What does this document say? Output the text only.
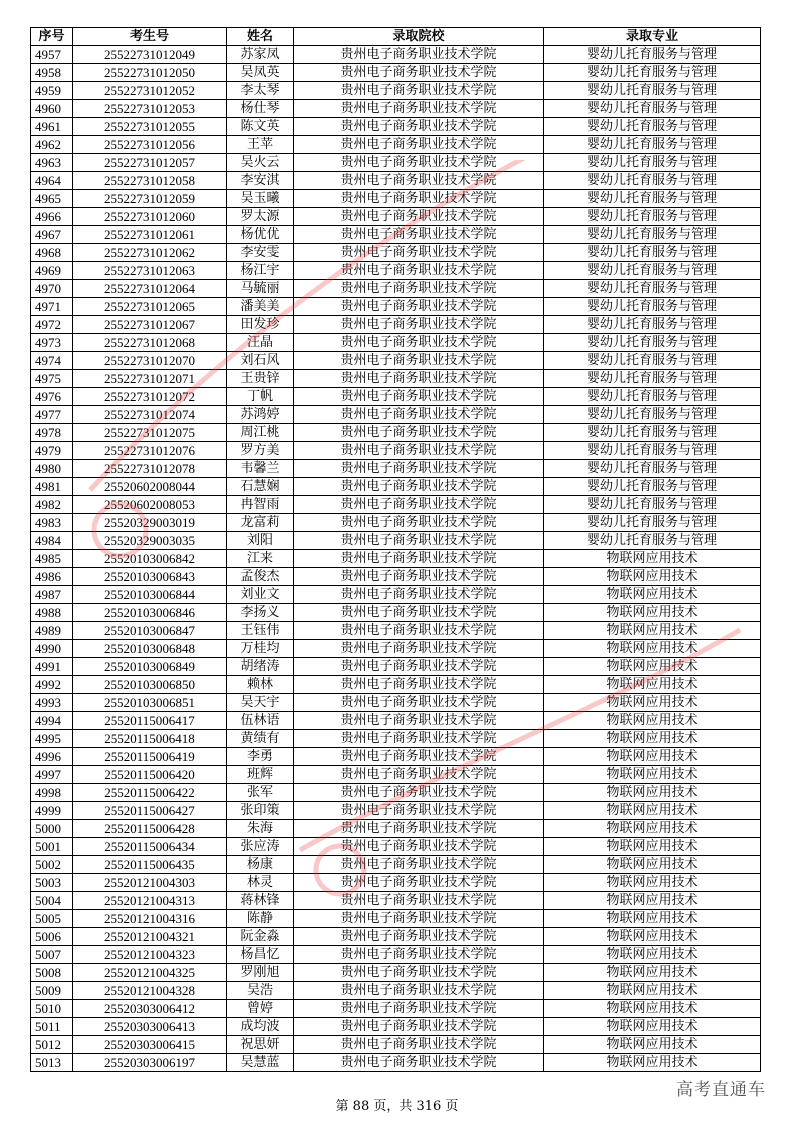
序号	考生号	姓名	录取院校	录取专业
4957	25522731012049	苏家凤	贵州电子商务职业技术学院	婴幼儿托育服务与管理
4958	25522731012050	吴凤英	贵州电子商务职业技术学院	婴幼儿托育服务与管理
4959	25522731012052	李太琴	贵州电子商务职业技术学院	婴幼儿托育服务与管理
4960	25522731012053	杨仕琴	贵州电子商务职业技术学院	婴幼儿托育服务与管理
4961	25522731012055	陈文英	贵州电子商务职业技术学院	婴幼儿托育服务与管理
4962	25522731012056	王苹	贵州电子商务职业技术学院	婴幼儿托育服务与管理
4963	25522731012057	吴火云	贵州电子商务职业技术学院	婴幼儿托育服务与管理
4964	25522731012058	李安淇	贵州电子商务职业技术学院	婴幼儿托育服务与管理
4965	25522731012059	吴玉曦	贵州电子商务职业技术学院	婴幼儿托育服务与管理
4966	25522731012060	罗太源	贵州电子商务职业技术学院	婴幼儿托育服务与管理
4967	25522731012061	杨优优	贵州电子商务职业技术学院	婴幼儿托育服务与管理
4968	25522731012062	李安雯	贵州电子商务职业技术学院	婴幼儿托育服务与管理
4969	25522731012063	杨江宇	贵州电子商务职业技术学院	婴幼儿托育服务与管理
4970	25522731012064	马毓丽	贵州电子商务职业技术学院	婴幼儿托育服务与管理
4971	25522731012065	潘美美	贵州电子商务职业技术学院	婴幼儿托育服务与管理
4972	25522731012067	田发珍	贵州电子商务职业技术学院	婴幼儿托育服务与管理
4973	25522731012068	汪晶	贵州电子商务职业技术学院	婴幼儿托育服务与管理
4974	25522731012070	刘石风	贵州电子商务职业技术学院	婴幼儿托育服务与管理
4975	25522731012071	王贵锌	贵州电子商务职业技术学院	婴幼儿托育服务与管理
4976	25522731012072	丁帆	贵州电子商务职业技术学院	婴幼儿托育服务与管理
4977	25522731012074	苏鸿婷	贵州电子商务职业技术学院	婴幼儿托育服务与管理
4978	25522731012075	周江桃	贵州电子商务职业技术学院	婴幼儿托育服务与管理
4979	25522731012076	罗方美	贵州电子商务职业技术学院	婴幼儿托育服务与管理
4980	25522731012078	韦馨兰	贵州电子商务职业技术学院	婴幼儿托育服务与管理
4981	25520602008044	石慧娴	贵州电子商务职业技术学院	婴幼儿托育服务与管理
4982	25520602008053	冉智雨	贵州电子商务职业技术学院	婴幼儿托育服务与管理
4983	25520329003019	龙富莉	贵州电子商务职业技术学院	婴幼儿托育服务与管理
4984	25520329003035	刘阳	贵州电子商务职业技术学院	婴幼儿托育服务与管理
4985	25520103006842	江来	贵州电子商务职业技术学院	物联网应用技术
4986	25520103006843	孟俊杰	贵州电子商务职业技术学院	物联网应用技术
4987	25520103006844	刘业文	贵州电子商务职业技术学院	物联网应用技术
4988	25520103006846	李扬义	贵州电子商务职业技术学院	物联网应用技术
4989	25520103006847	王钰伟	贵州电子商务职业技术学院	物联网应用技术
4990	25520103006848	万桂均	贵州电子商务职业技术学院	物联网应用技术
4991	25520103006849	胡绪涛	贵州电子商务职业技术学院	物联网应用技术
4992	25520103006850	赖林	贵州电子商务职业技术学院	物联网应用技术
4993	25520103006851	吴天宇	贵州电子商务职业技术学院	物联网应用技术
4994	25520115006417	伍林语	贵州电子商务职业技术学院	物联网应用技术
4995	25520115006418	黄绩有	贵州电子商务职业技术学院	物联网应用技术
4996	25520115006419	李勇	贵州电子商务职业技术学院	物联网应用技术
4997	25520115006420	班辉	贵州电子商务职业技术学院	物联网应用技术
4998	25520115006422	张军	贵州电子商务职业技术学院	物联网应用技术
4999	25520115006427	张印策	贵州电子商务职业技术学院	物联网应用技术
5000	25520115006428	朱海	贵州电子商务职业技术学院	物联网应用技术
5001	25520115006434	张应涛	贵州电子商务职业技术学院	物联网应用技术
5002	25520115006435	杨康	贵州电子商务职业技术学院	物联网应用技术
5003	25520121004303	林灵	贵州电子商务职业技术学院	物联网应用技术
5004	25520121004313	蒋林锋	贵州电子商务职业技术学院	物联网应用技术
5005	25520121004316	陈静	贵州电子商务职业技术学院	物联网应用技术
5006	25520121004321	阮金淼	贵州电子商务职业技术学院	物联网应用技术
5007	25520121004323	杨昌忆	贵州电子商务职业技术学院	物联网应用技术
5008	25520121004325	罗刚旭	贵州电子商务职业技术学院	物联网应用技术
5009	25520121004328	吴浩	贵州电子商务职业技术学院	物联网应用技术
5010	25520303006412	曾婷	贵州电子商务职业技术学院	物联网应用技术
5011	25520303006413	成均波	贵州电子商务职业技术学院	物联网应用技术
5012	25520303006415	祝思妍	贵州电子商务职业技术学院	物联网应用技术
5013	25520303006197	吴慧蓝	贵州电子商务职业技术学院	物联网应用技术
第 88 页，共 316 页
高考直通车
